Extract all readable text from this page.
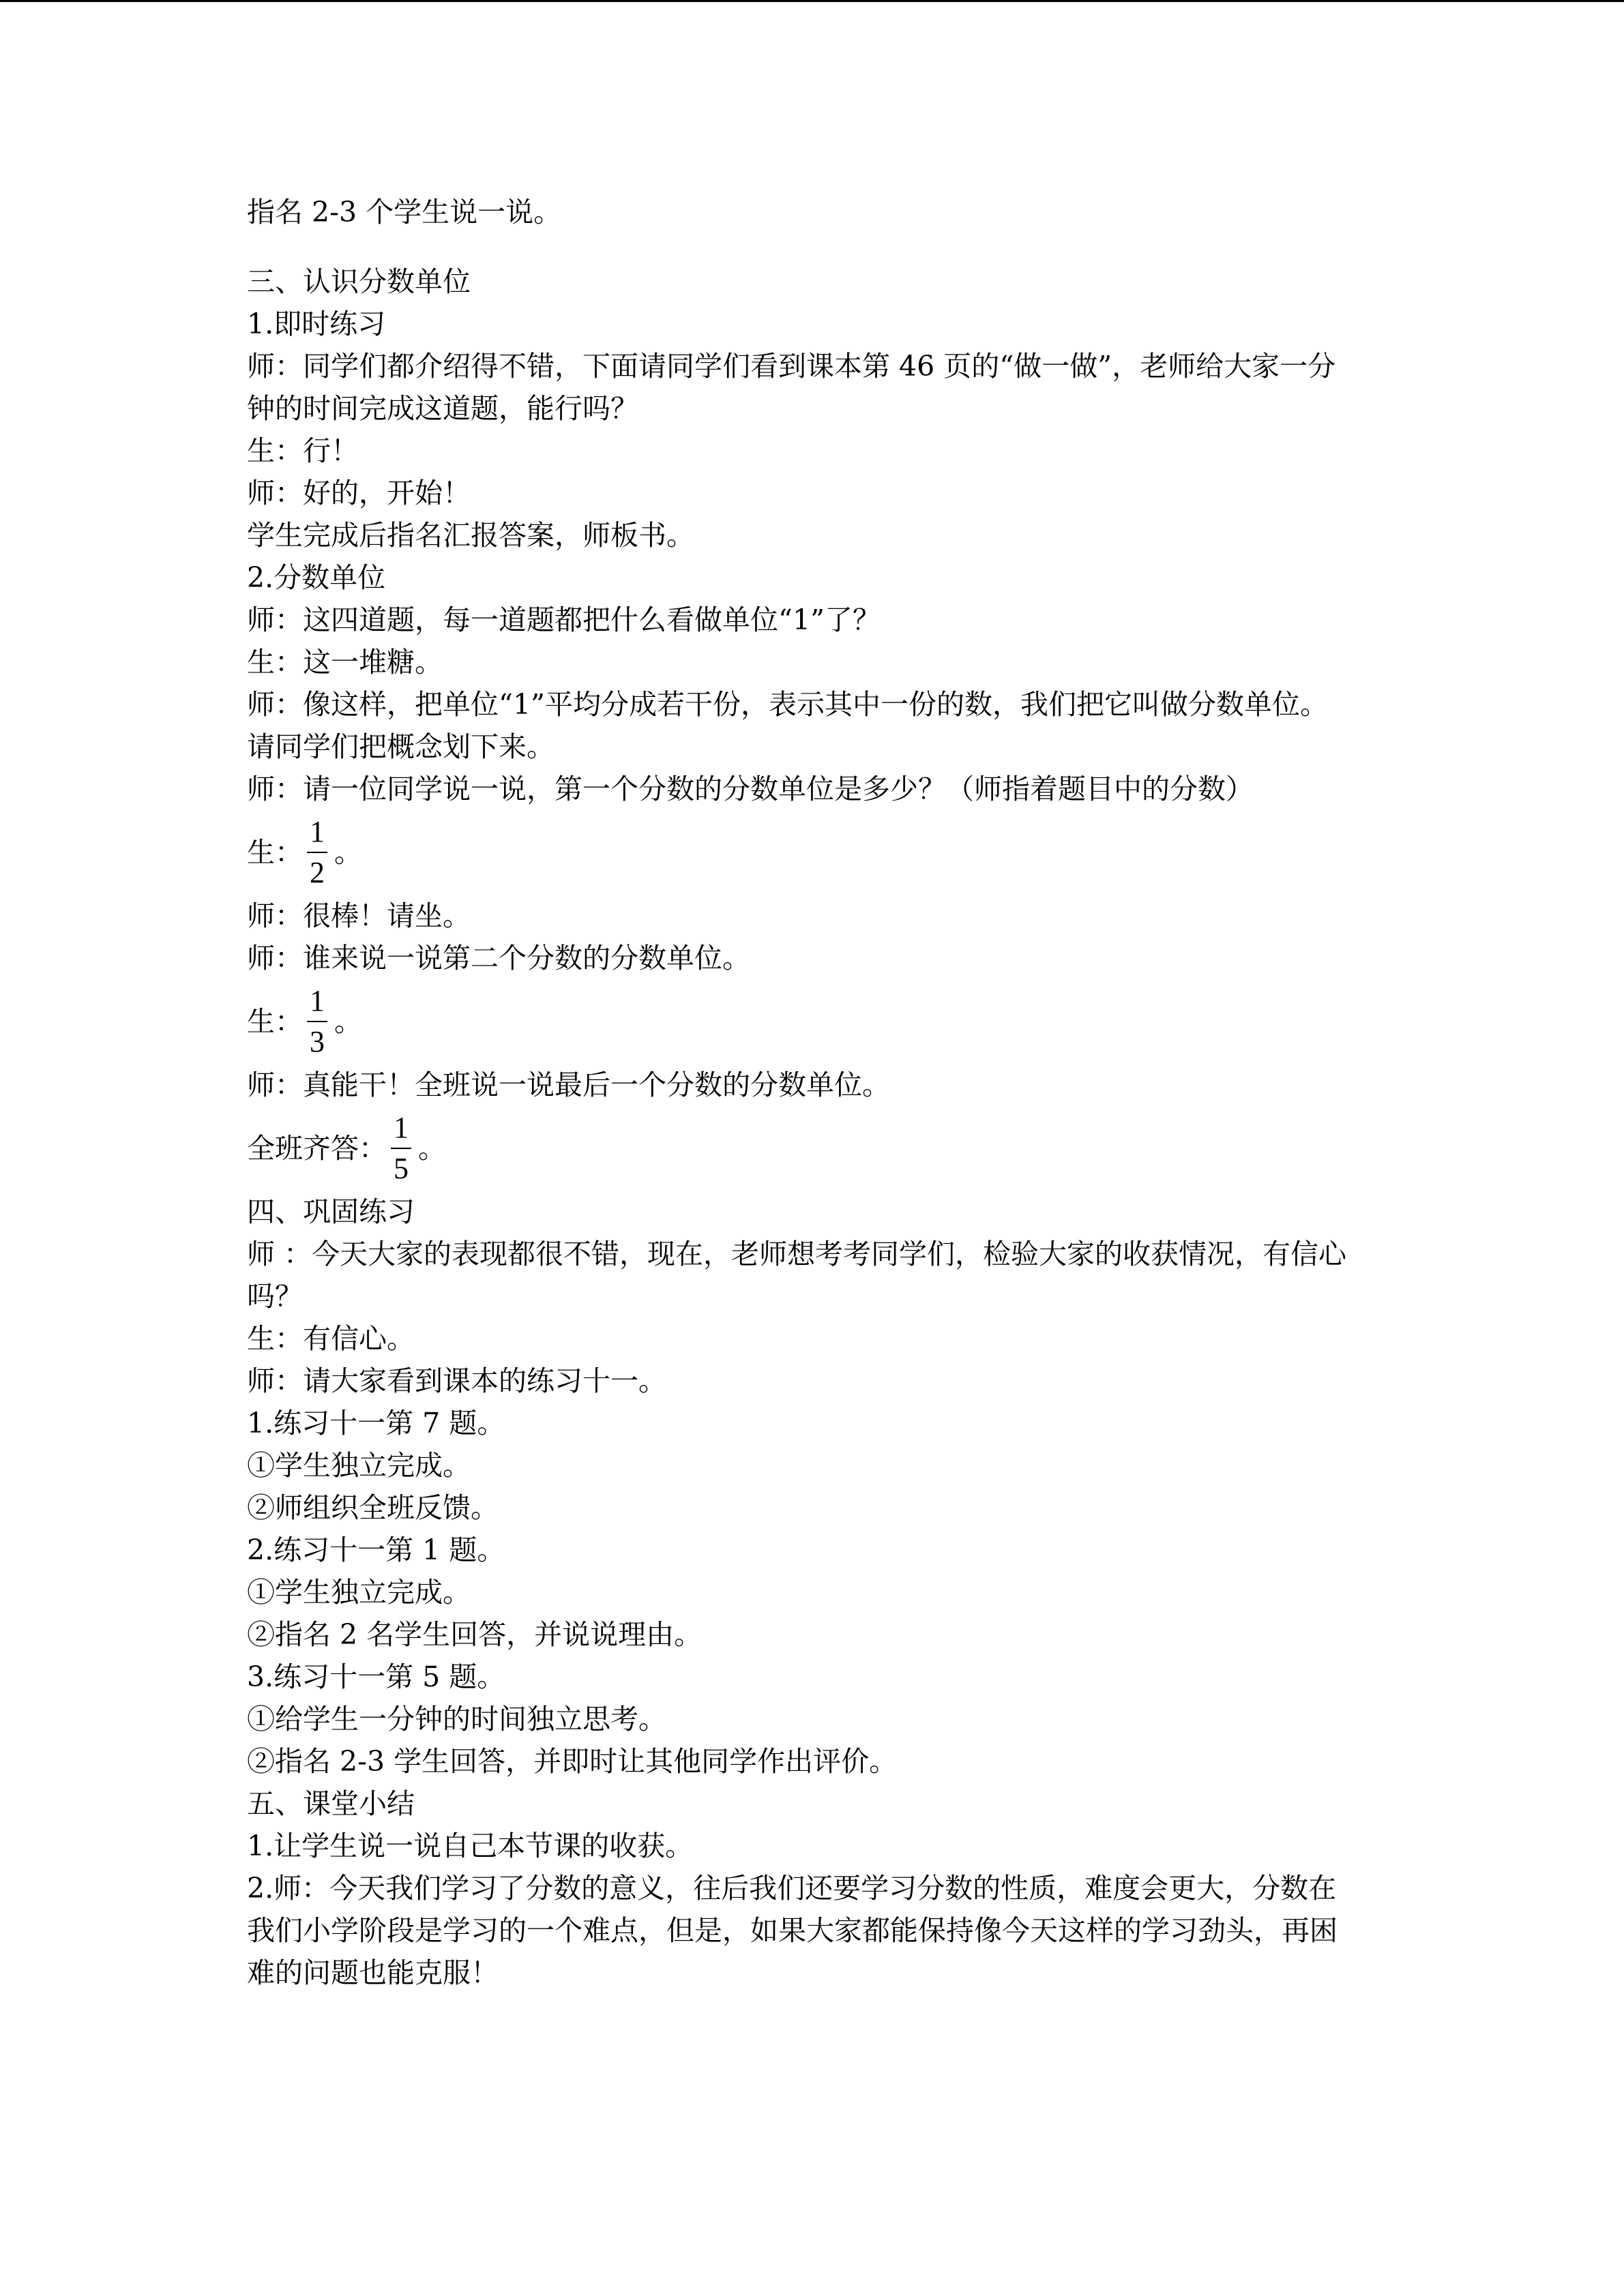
指名 2-3 个学生说一说。
三、认识分数单位
1.即时练习
师：同学们都介绍得不错，下面请同学们看到课本第 46 页的“做一做”，老师给大家一分
钟的时间完成这道题，能行吗？
生：行！
师：好的，开始！
学生完成后指名汇报答案，师板书。
2.分数单位
师：这四道题，每一道题都把什么看做单位“1”了？
生：这一堆糖。
师：像这样，把单位“1”平均分成若干份，表示其中一份的数，我们把它叫做分数单位。
请同学们把概念划下来。
师：请一位同学说一说，第一个分数的分数单位是多少？（师指着题目中的分数）
生： $\frac{1}{2}$ 。
师：很棒！请坐。
师：谁来说一说第二个分数的分数单位。
生： $\frac{1}{3}$ 。
师：真能干！全班说一说最后一个分数的分数单位。
全班齐答： $\frac{1}{5}$ 。
四、巩固练习
师 ：今天大家的表现都很不错，现在，老师想考考同学们，检验大家的收获情况，有信心
吗？
生：有信心。
师：请大家看到课本的练习十一。
1.练习十一第 7 题。
①学生独立完成。
②师组织全班反馈。
2.练习十一第 1 题。
①学生独立完成。
②指名 2 名学生回答，并说说理由。
3.练习十一第 5 题。
①给学生一分钟的时间独立思考。
②指名 2-3 学生回答，并即时让其他同学作出评价。
五、课堂小结
1.让学生说一说自己本节课的收获。
2.师：今天我们学习了分数的意义，往后我们还要学习分数的性质，难度会更大，分数在
我们小学阶段是学习的一个难点，但是，如果大家都能保持像今天这样的学习劲头，再困
难的问题也能克服！
